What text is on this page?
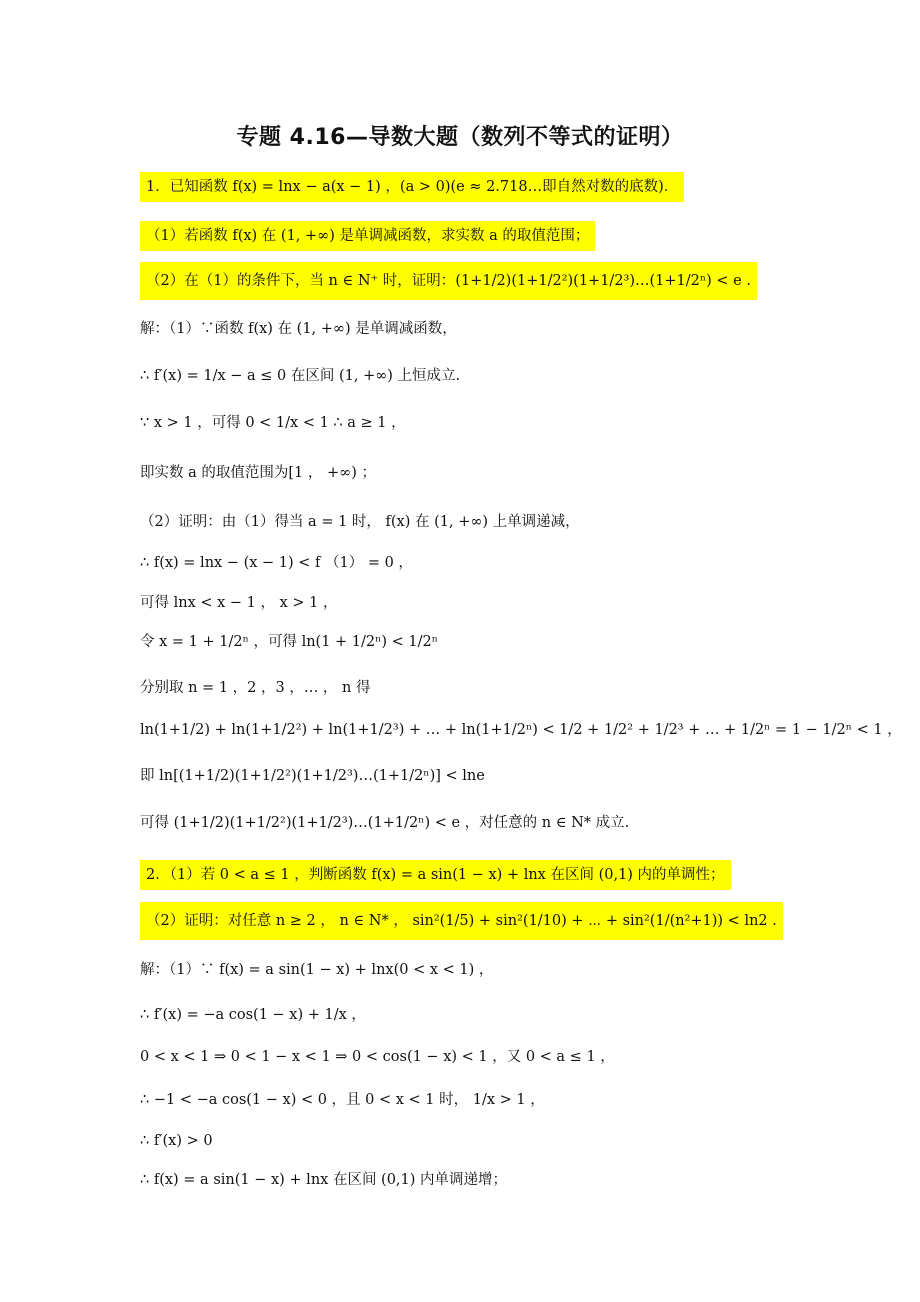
专题 4.16—导数大题（数列不等式的证明）
1．已知函数 f(x) = lnx − a(x − 1) ，(a > 0)(e ≈ 2.718…即自然对数的底数)．
（1）若函数 f(x) 在 (1, +∞) 是单调减函数，求实数 a 的取值范围；
（2）在（1）的条件下，当 n ∈ N⁺ 时，证明：(1+1/2)(1+1/2²)(1+1/2³)…(1+1/2ⁿ) < e .
解：（1）∵函数 f(x) 在 (1, +∞) 是单调减函数，
∴ f′(x) = 1/x − a ≤ 0 在区间 (1, +∞) 上恒成立.
∵ x > 1 ，可得 0 < 1/x < 1 ∴ a ≥ 1 ，
即实数 a 的取值范围为[1 ， +∞) ；
（2）证明：由（1）得当 a = 1 时， f(x) 在 (1, +∞) 上单调递减，
∴ f(x) = lnx − (x − 1) < f （1） = 0 ，
可得 lnx < x − 1 ， x > 1 ，
令 x = 1 + 1/2ⁿ ，可得 ln(1 + 1/2ⁿ) < 1/2ⁿ
分别取 n = 1 ，2 ，3 ，… ， n 得
ln(1+1/2) + ln(1+1/2²) + ln(1+1/2³) + … + ln(1+1/2ⁿ) < 1/2 + 1/2² + 1/2³ + … + 1/2ⁿ = 1 − 1/2ⁿ < 1 ，
即 ln[(1+1/2)(1+1/2²)(1+1/2³)…(1+1/2ⁿ)] < lne
可得 (1+1/2)(1+1/2²)(1+1/2³)…(1+1/2ⁿ) < e ，对任意的 n ∈ N* 成立.
2．（1）若 0 < a ≤ 1 ，判断函数 f(x) = a sin(1 − x) + lnx 在区间 (0,1) 内的单调性；
（2）证明：对任意 n ≥ 2 ， n ∈ N* ， sin²(1/5) + sin²(1/10) + ⋯ + sin²(1/(n²+1)) < ln2 .
解：（1）∵ f(x) = a sin(1 − x) + lnx(0 < x < 1) ，
∴ f′(x) = −a cos(1 − x) + 1/x ，
0 < x < 1 ⇒ 0 < 1 − x < 1 ⇒ 0 < cos(1 − x) < 1 ，又 0 < a ≤ 1 ，
∴ −1 < −a cos(1 − x) < 0 ，且 0 < x < 1 时， 1/x > 1 ，
∴ f′(x) > 0
∴ f(x) = a sin(1 − x) + lnx 在区间 (0,1) 内单调递增；
